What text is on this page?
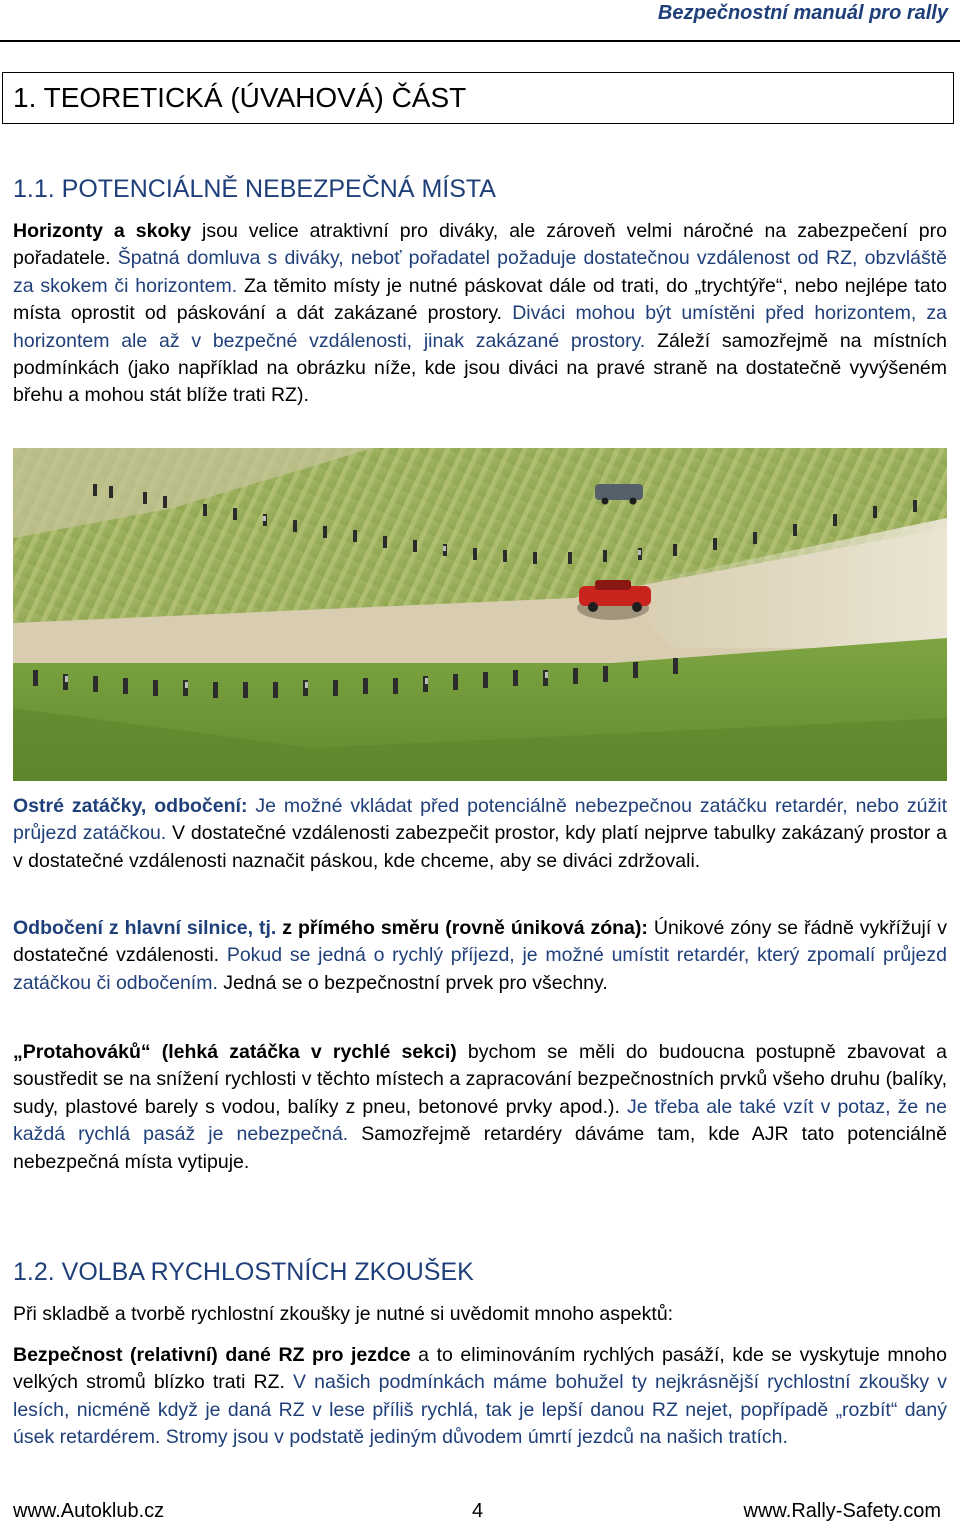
Bezpečnostní manuál pro rally
1. TEORETICKÁ (ÚVAHOVÁ) ČÁST
1.1. POTENCIÁLNĚ NEBEZPEČNÁ MÍSTA
Horizonty a skoky jsou velice atraktivní pro diváky, ale zároveň velmi náročné na zabezpečení pro pořadatele. Špatná domluva s diváky, neboť pořadatel požaduje dostatečnou vzdálenost od RZ, obzvláště za skokem či horizontem. Za těmito místy je nutné páskovat dále od trati, do „trychtýře“, nebo nejlépe tato místa oprostit od páskování a dát zakázané prostory. Diváci mohou být umístěni před horizontem, za horizontem ale až v bezpečné vzdálenosti, jinak zakázané prostory. Záleží samozřejmě na místních podmínkách (jako například na obrázku níže, kde jsou diváci na pravé straně na dostatečně vyvýšeném břehu a mohou stát blíže trati RZ).
Ostré zatáčky, odbočení: Je možné vkládat před potenciálně nebezpečnou zatáčku retardér, nebo zúžit průjezd zatáčkou. V dostatečné vzdálenosti zabezpečit prostor, kdy platí nejprve tabulky zakázaný prostor a v dostatečné vzdálenosti naznačit páskou, kde chceme, aby se diváci zdržovali.
Odbočení z hlavní silnice, tj. z přímého směru (rovně úniková zóna): Únikové zóny se řádně vykřížují v dostatečné vzdálenosti. Pokud se jedná o rychlý příjezd, je možné umístit retardér, který zpomalí průjezd zatáčkou či odbočením. Jedná se o bezpečnostní prvek pro všechny.
„Protahováků“ (lehká zatáčka v rychlé sekci) bychom se měli do budoucna postupně zbavovat a soustředit se na snížení rychlosti v těchto místech a zapracování bezpečnostních prvků všeho druhu (balíky, sudy, plastové barely s vodou, balíky z pneu, betonové prvky apod.). Je třeba ale také vzít v potaz, že ne každá rychlá pasáž je nebezpečná. Samozřejmě retardéry dáváme tam, kde AJR tato potenciálně nebezpečná místa vytipuje.
1.2. VOLBA RYCHLOSTNÍCH ZKOUŠEK
Při skladbě a tvorbě rychlostní zkoušky je nutné si uvědomit mnoho aspektů:
Bezpečnost (relativní) dané RZ pro jezdce a to eliminováním rychlých pasáží, kde se vyskytuje mnoho velkých stromů blízko trati RZ. V našich podmínkách máme bohužel ty nejkrásnější rychlostní zkoušky v lesích, nicméně když je daná RZ v lese příliš rychlá, tak je lepší danou RZ nejet, popřípadě „rozbít“ daný úsek retardérem. Stromy jsou v podstatě jediným důvodem úmrtí jezdců na našich tratích.
www.Autoklub.cz	4	www.Rally-Safety.com
